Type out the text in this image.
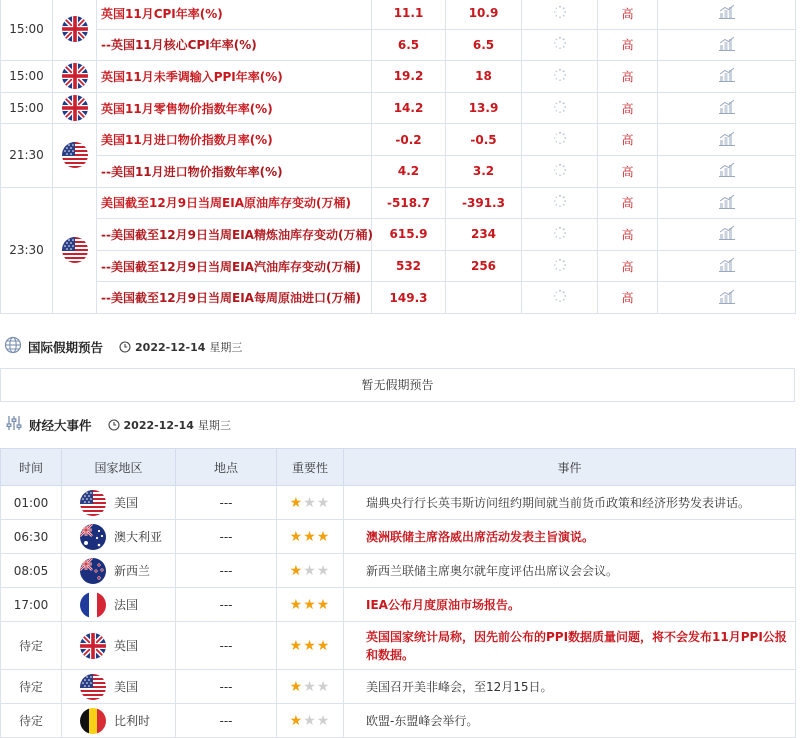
15:00		英国11月CPI年率(%)	11.1	10.9		高	
		--英国11月核心CPI年率(%)	6.5	6.5		高	
15:00		英国11月未季调输入PPI年率(%)	19.2	18		高	
15:00		英国11月零售物价指数年率(%)	14.2	13.9		高	
21:30		美国11月进口物价指数月率(%)	-0.2	-0.5		高	
		--美国11月进口物价指数年率(%)	4.2	3.2		高	
23:30		美国截至12月9日当周EIA原油库存变动(万桶)	-518.7	-391.3		高	
		--美国截至12月9日当周EIA精炼油库存变动(万桶)	615.9	234		高	
		--美国截至12月9日当周EIA汽油库存变动(万桶)	532	256		高	
		--美国截至12月9日当周EIA每周原油进口(万桶)	149.3			高	
国际假期预告	2022-12-14 星期三
暂无假期预告
财经大事件	2022-12-14 星期三
时间	国家地区	地点	重要性	事件
01:00	美国	---	★★★	瑞典央行行长英韦斯访问纽约期间就当前货币政策和经济形势发表讲话。
06:30	澳大利亚	---	★★★	澳洲联储主席洛威出席活动发表主旨演说。
08:05	新西兰	---	★★★	新西兰联储主席奥尔就年度评估出席议会会议。
17:00	法国	---	★★★	IEA公布月度原油市场报告。
待定	英国	---	★★★	英国国家统计局称，因先前公布的PPI数据质量问题，将不会发布11月PPI公报和数据。
待定	美国	---	★★★	美国召开美非峰会，至12月15日。
待定	比利时	---	★★★	欧盟-东盟峰会举行。
